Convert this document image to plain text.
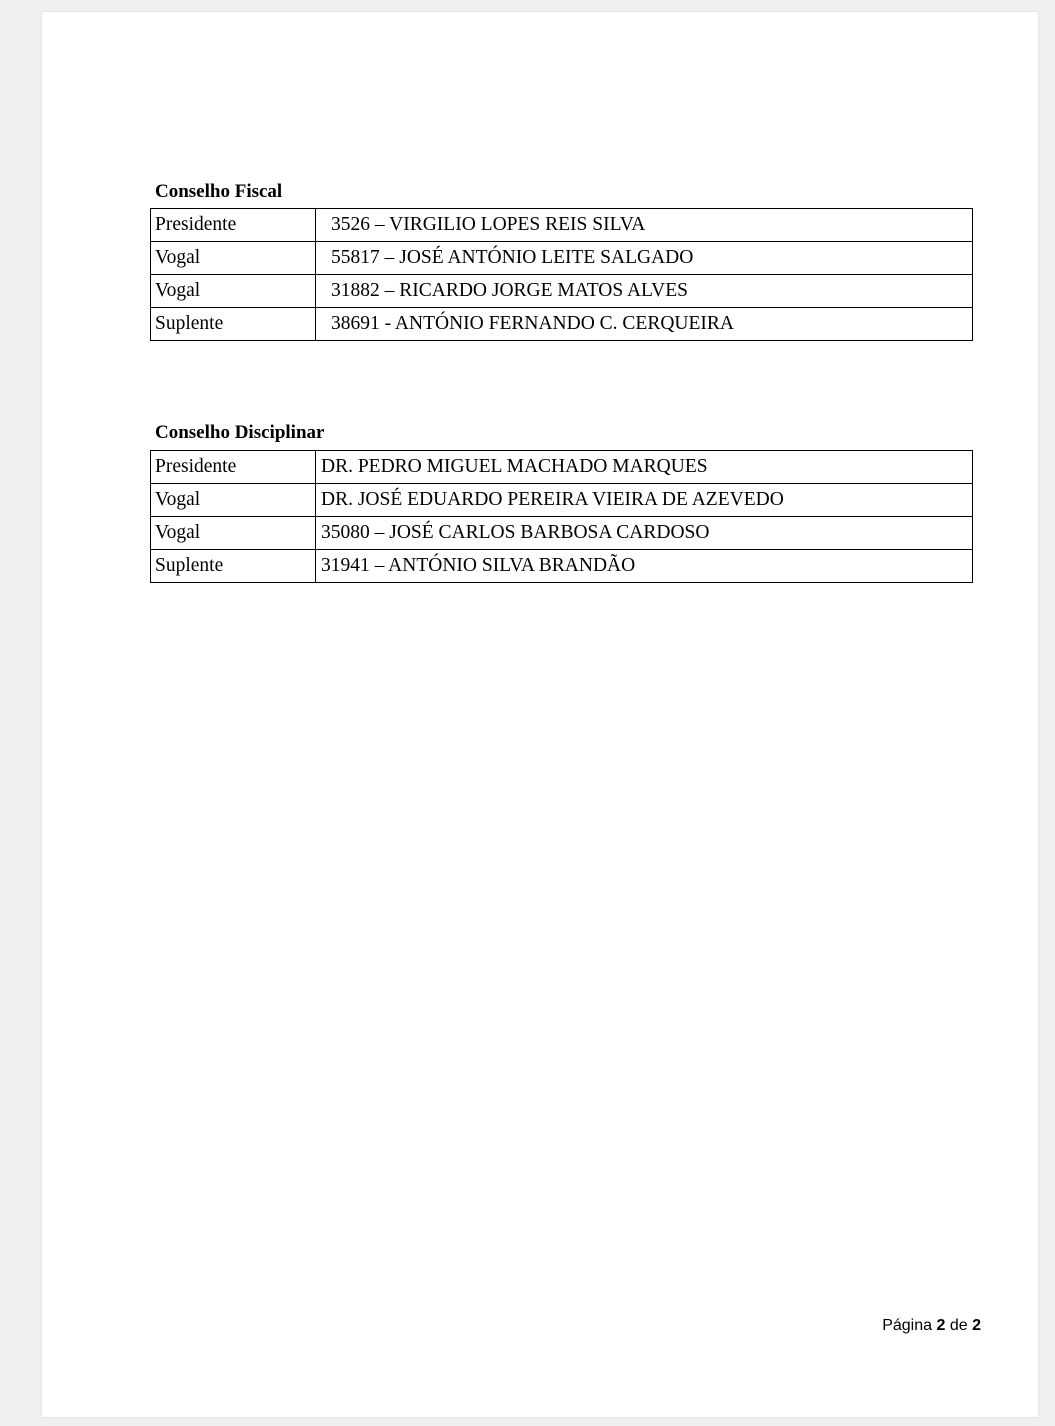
Conselho Fiscal
Presidente	3526 – VIRGILIO LOPES REIS SILVA
Vogal	55817 – JOSÉ ANTÓNIO LEITE SALGADO
Vogal	31882 – RICARDO JORGE MATOS ALVES
Suplente	38691 - ANTÓNIO FERNANDO C. CERQUEIRA
Conselho Disciplinar
Presidente	DR. PEDRO MIGUEL MACHADO MARQUES
Vogal	DR. JOSÉ EDUARDO PEREIRA VIEIRA DE AZEVEDO
Vogal	35080 – JOSÉ CARLOS BARBOSA CARDOSO
Suplente	31941 – ANTÓNIO SILVA BRANDÃO
Página 2 de 2
